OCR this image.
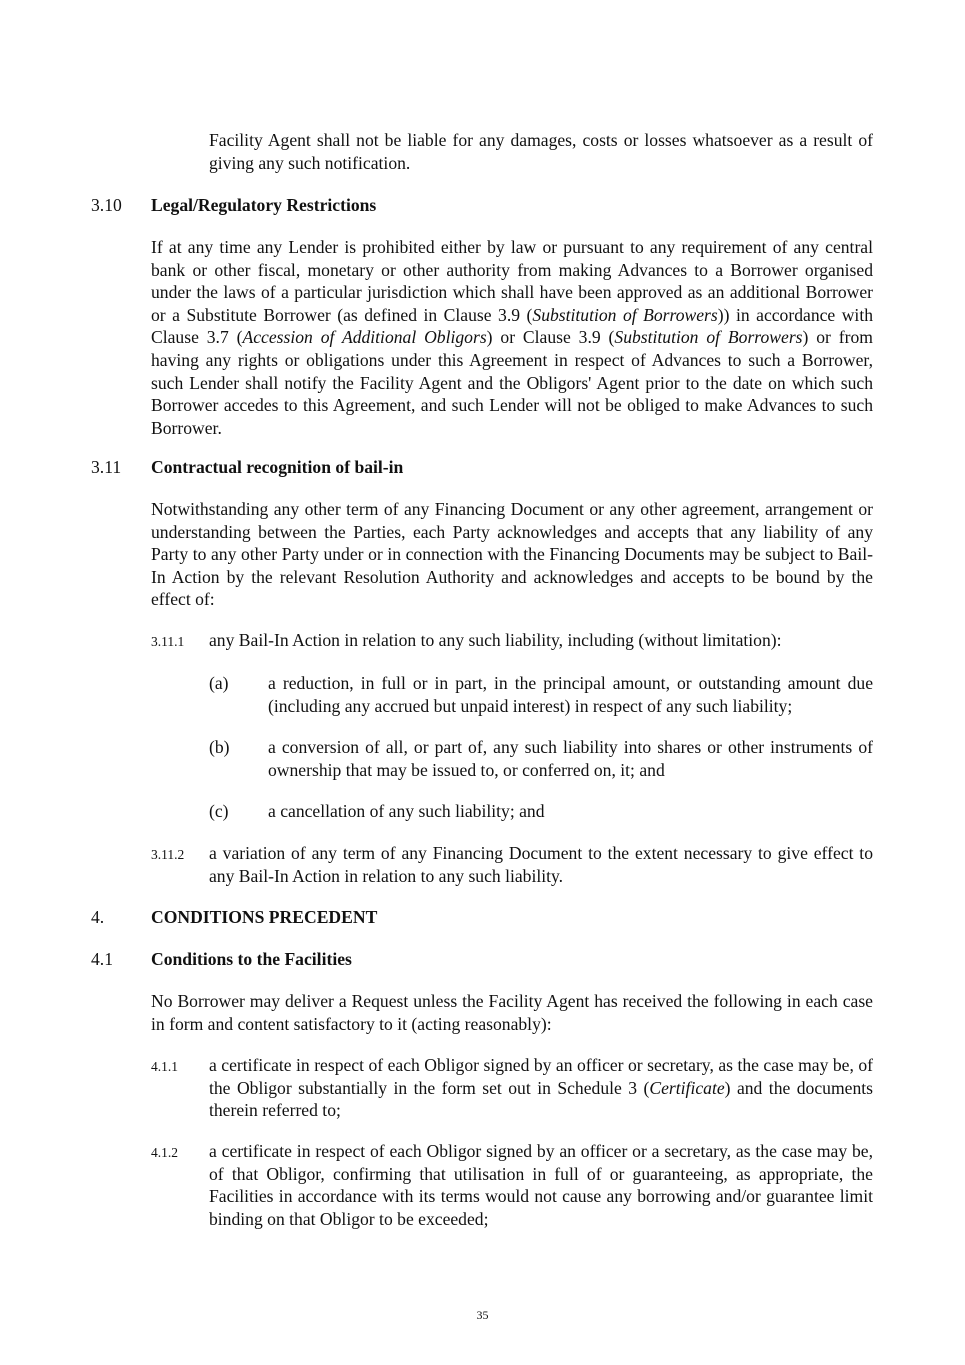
Facility Agent shall not be liable for any damages, costs or losses whatsoever as a result of giving any such notification.

3.10 Legal/Regulatory Restrictions

If at any time any Lender is prohibited either by law or pursuant to any requirement of any central bank or other fiscal, monetary or other authority from making Advances to a Borrower organised under the laws of a particular jurisdiction which shall have been approved as an additional Borrower or a Substitute Borrower (as defined in Clause 3.9 (Substitution of Borrowers)) in accordance with Clause 3.7 (Accession of Additional Obligors) or Clause 3.9 (Substitution of Borrowers) or from having any rights or obligations under this Agreement in respect of Advances to such a Borrower, such Lender shall notify the Facility Agent and the Obligors' Agent prior to the date on which such Borrower accedes to this Agreement, and such Lender will not be obliged to make Advances to such Borrower.

3.11 Contractual recognition of bail-in

Notwithstanding any other term of any Financing Document or any other agreement, arrangement or understanding between the Parties, each Party acknowledges and accepts that any liability of any Party to any other Party under or in connection with the Financing Documents may be subject to Bail-In Action by the relevant Resolution Authority and acknowledges and accepts to be bound by the effect of:

3.11.1 any Bail-In Action in relation to any such liability, including (without limitation):

(a) a reduction, in full or in part, in the principal amount, or outstanding amount due (including any accrued but unpaid interest) in respect of any such liability;

(b) a conversion of all, or part of, any such liability into shares or other instruments of ownership that may be issued to, or conferred on, it; and

(c) a cancellation of any such liability; and

3.11.2 a variation of any term of any Financing Document to the extent necessary to give effect to any Bail-In Action in relation to any such liability.

4.	CONDITIONS PRECEDENT

4.1 Conditions to the Facilities

No Borrower may deliver a Request unless the Facility Agent has received the following in each case in form and content satisfactory to it (acting reasonably):

4.1.1 a certificate in respect of each Obligor signed by an officer or secretary, as the case may be, of the Obligor substantially in the form set out in Schedule 3 (Certificate) and the documents therein referred to;

4.1.2 a certificate in respect of each Obligor signed by an officer or a secretary, as the case may be, of that Obligor, confirming that utilisation in full of or guaranteeing, as appropriate, the Facilities in accordance with its terms would not cause any borrowing and/or guarantee limit binding on that Obligor to be exceeded;

35
